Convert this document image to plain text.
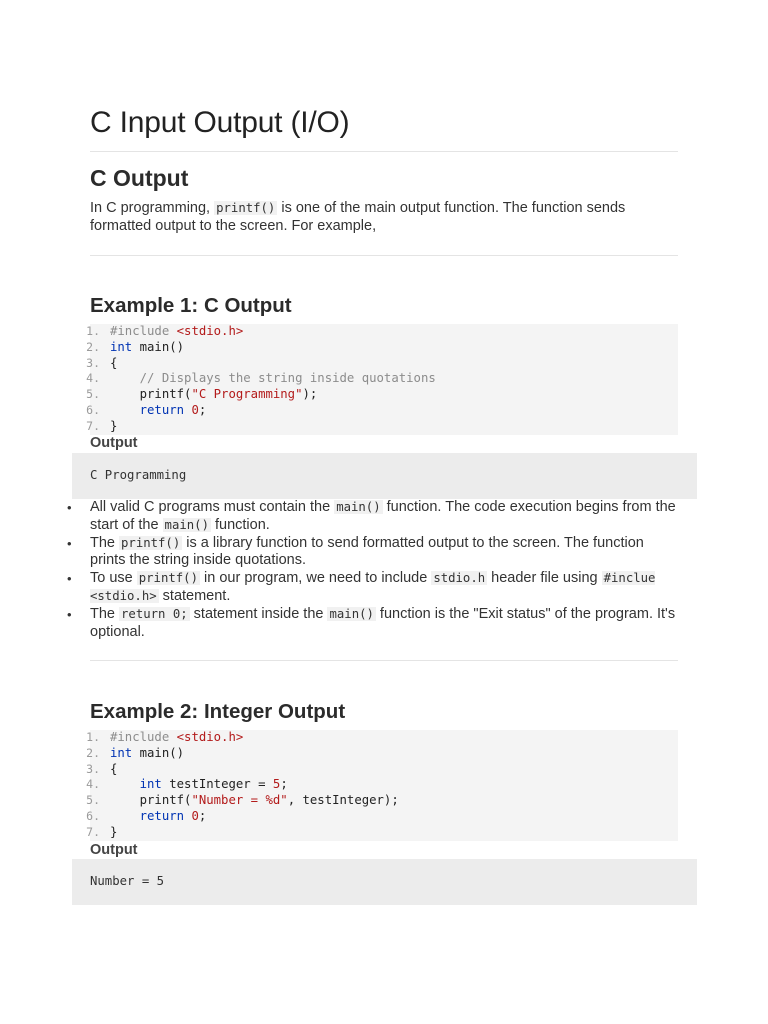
C Input Output (I/O)
C Output

In C programming, printf() is one of the main output function. The function sends formatted output to the screen. For example,

Example 1: C Output
1. #include <stdio.h>
2. int main()
3. {
4. // Displays the string inside quotations
5. printf("C Programming");
6.	return 0;
7. }
Output
C Programming
• All valid C programs must contain the main() function. The code execution begins from the start of the main() function.
• The printf() is a library function to send formatted output to the screen. The function prints the string inside quotations.
• To use printf() in our program, we need to include stdio.h header file using #inclue <stdio.h> statement.
• The return 0; statement inside the main() function is the "Exit status" of the program. It's optional.
Example 2: Integer Output
1. #include <stdio.h>
2. int main()
3. {
4.	int testInteger = 5;
5. printf("Number = %d", testInteger);
6.	return 0;
7. }
Output
Number = 5
